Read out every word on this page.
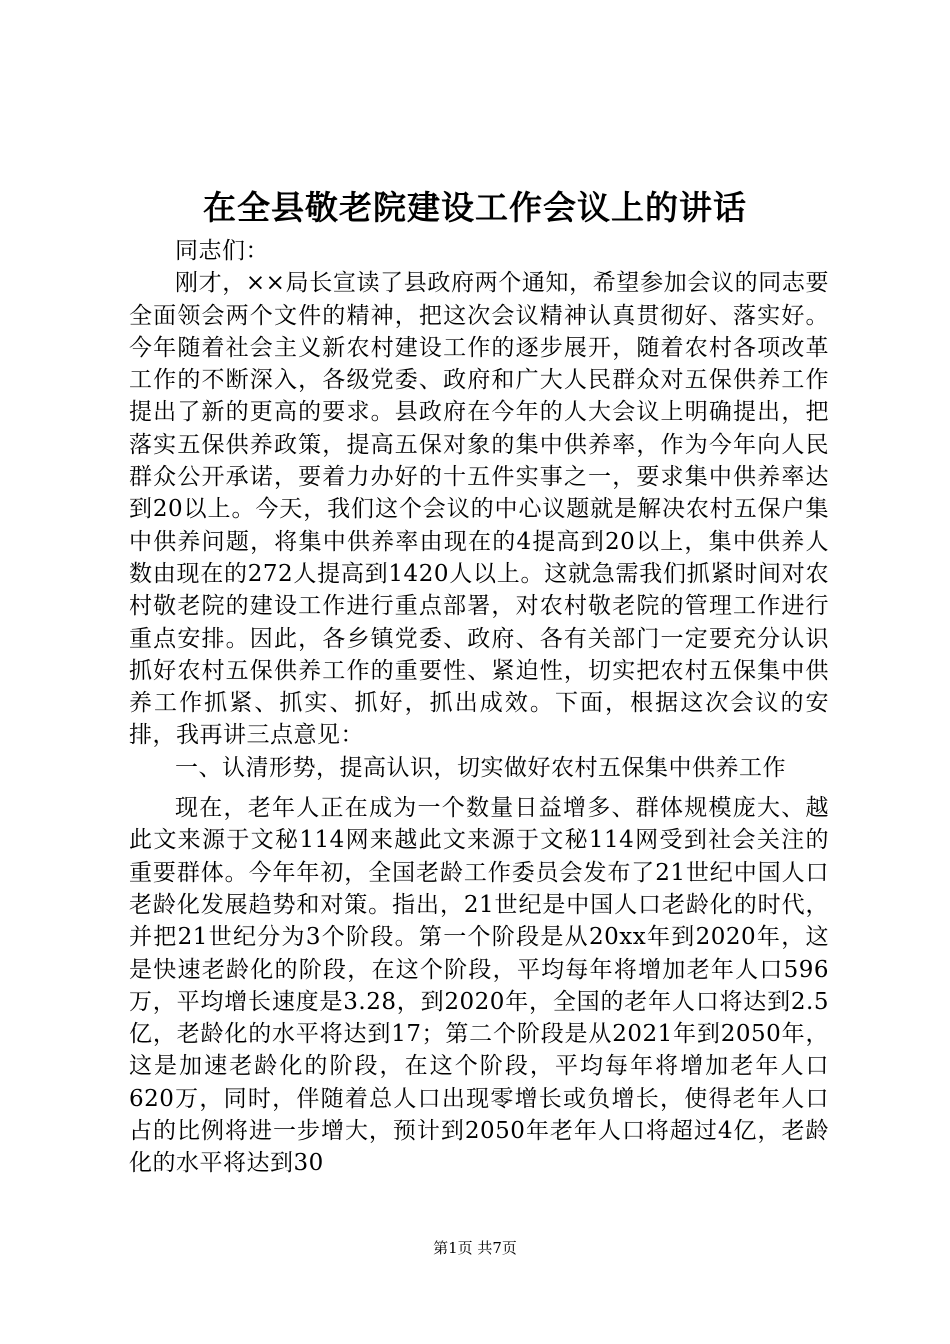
在全县敬老院建设工作会议上的讲话

同志们：

刚才，××局长宣读了县政府两个通知，希望参加会议的同志要全面领会两个文件的精神，把这次会议精神认真贯彻好、落实好。今年随着社会主义新农村建设工作的逐步展开，随着农村各项改革工作的不断深入，各级党委、政府和广大人民群众对五保供养工作提出了新的更高的要求。县政府在今年的人大会议上明确提出，把落实五保供养政策，提高五保对象的集中供养率，作为今年向人民群众公开承诺，要着力办好的十五件实事之一，要求集中供养率达到20以上。今天，我们这个会议的中心议题就是解决农村五保户集中供养问题，将集中供养率由现在的4提高到20以上，集中供养人数由现在的272人提高到1420人以上。这就急需我们抓紧时间对农村敬老院的建设工作进行重点部署，对农村敬老院的管理工作进行重点安排。因此，各乡镇党委、政府、各有关部门一定要充分认识抓好农村五保供养工作的重要性、紧迫性，切实把农村五保集中供养工作抓紧、抓实、抓好，抓出成效。下面，根据这次会议的安排，我再讲三点意见：

一、认清形势，提高认识，切实做好农村五保集中供养工作

现在，老年人正在成为一个数量日益增多、群体规模庞大、越此文来源于文秘114网来越此文来源于文秘114网受到社会关注的重要群体。今年年初，全国老龄工作委员会发布了21世纪中国人口老龄化发展趋势和对策。指出，21世纪是中国人口老龄化的时代，并把21世纪分为3个阶段。第一个阶段是从20xx年到2020年，这是快速老龄化的阶段，在这个阶段，平均每年将增加老年人口596万，平均增长速度是3.28，到2020年，全国的老年人口将达到2.5亿，老龄化的水平将达到17；第二个阶段是从2021年到2050年，这是加速老龄化的阶段，在这个阶段，平均每年将增加老年人口620万，同时，伴随着总人口出现零增长或负增长，使得老年人口占的比例将进一步增大，预计到2050年老年人口将超过4亿，老龄化的水平将达到30

第1页 共7页
